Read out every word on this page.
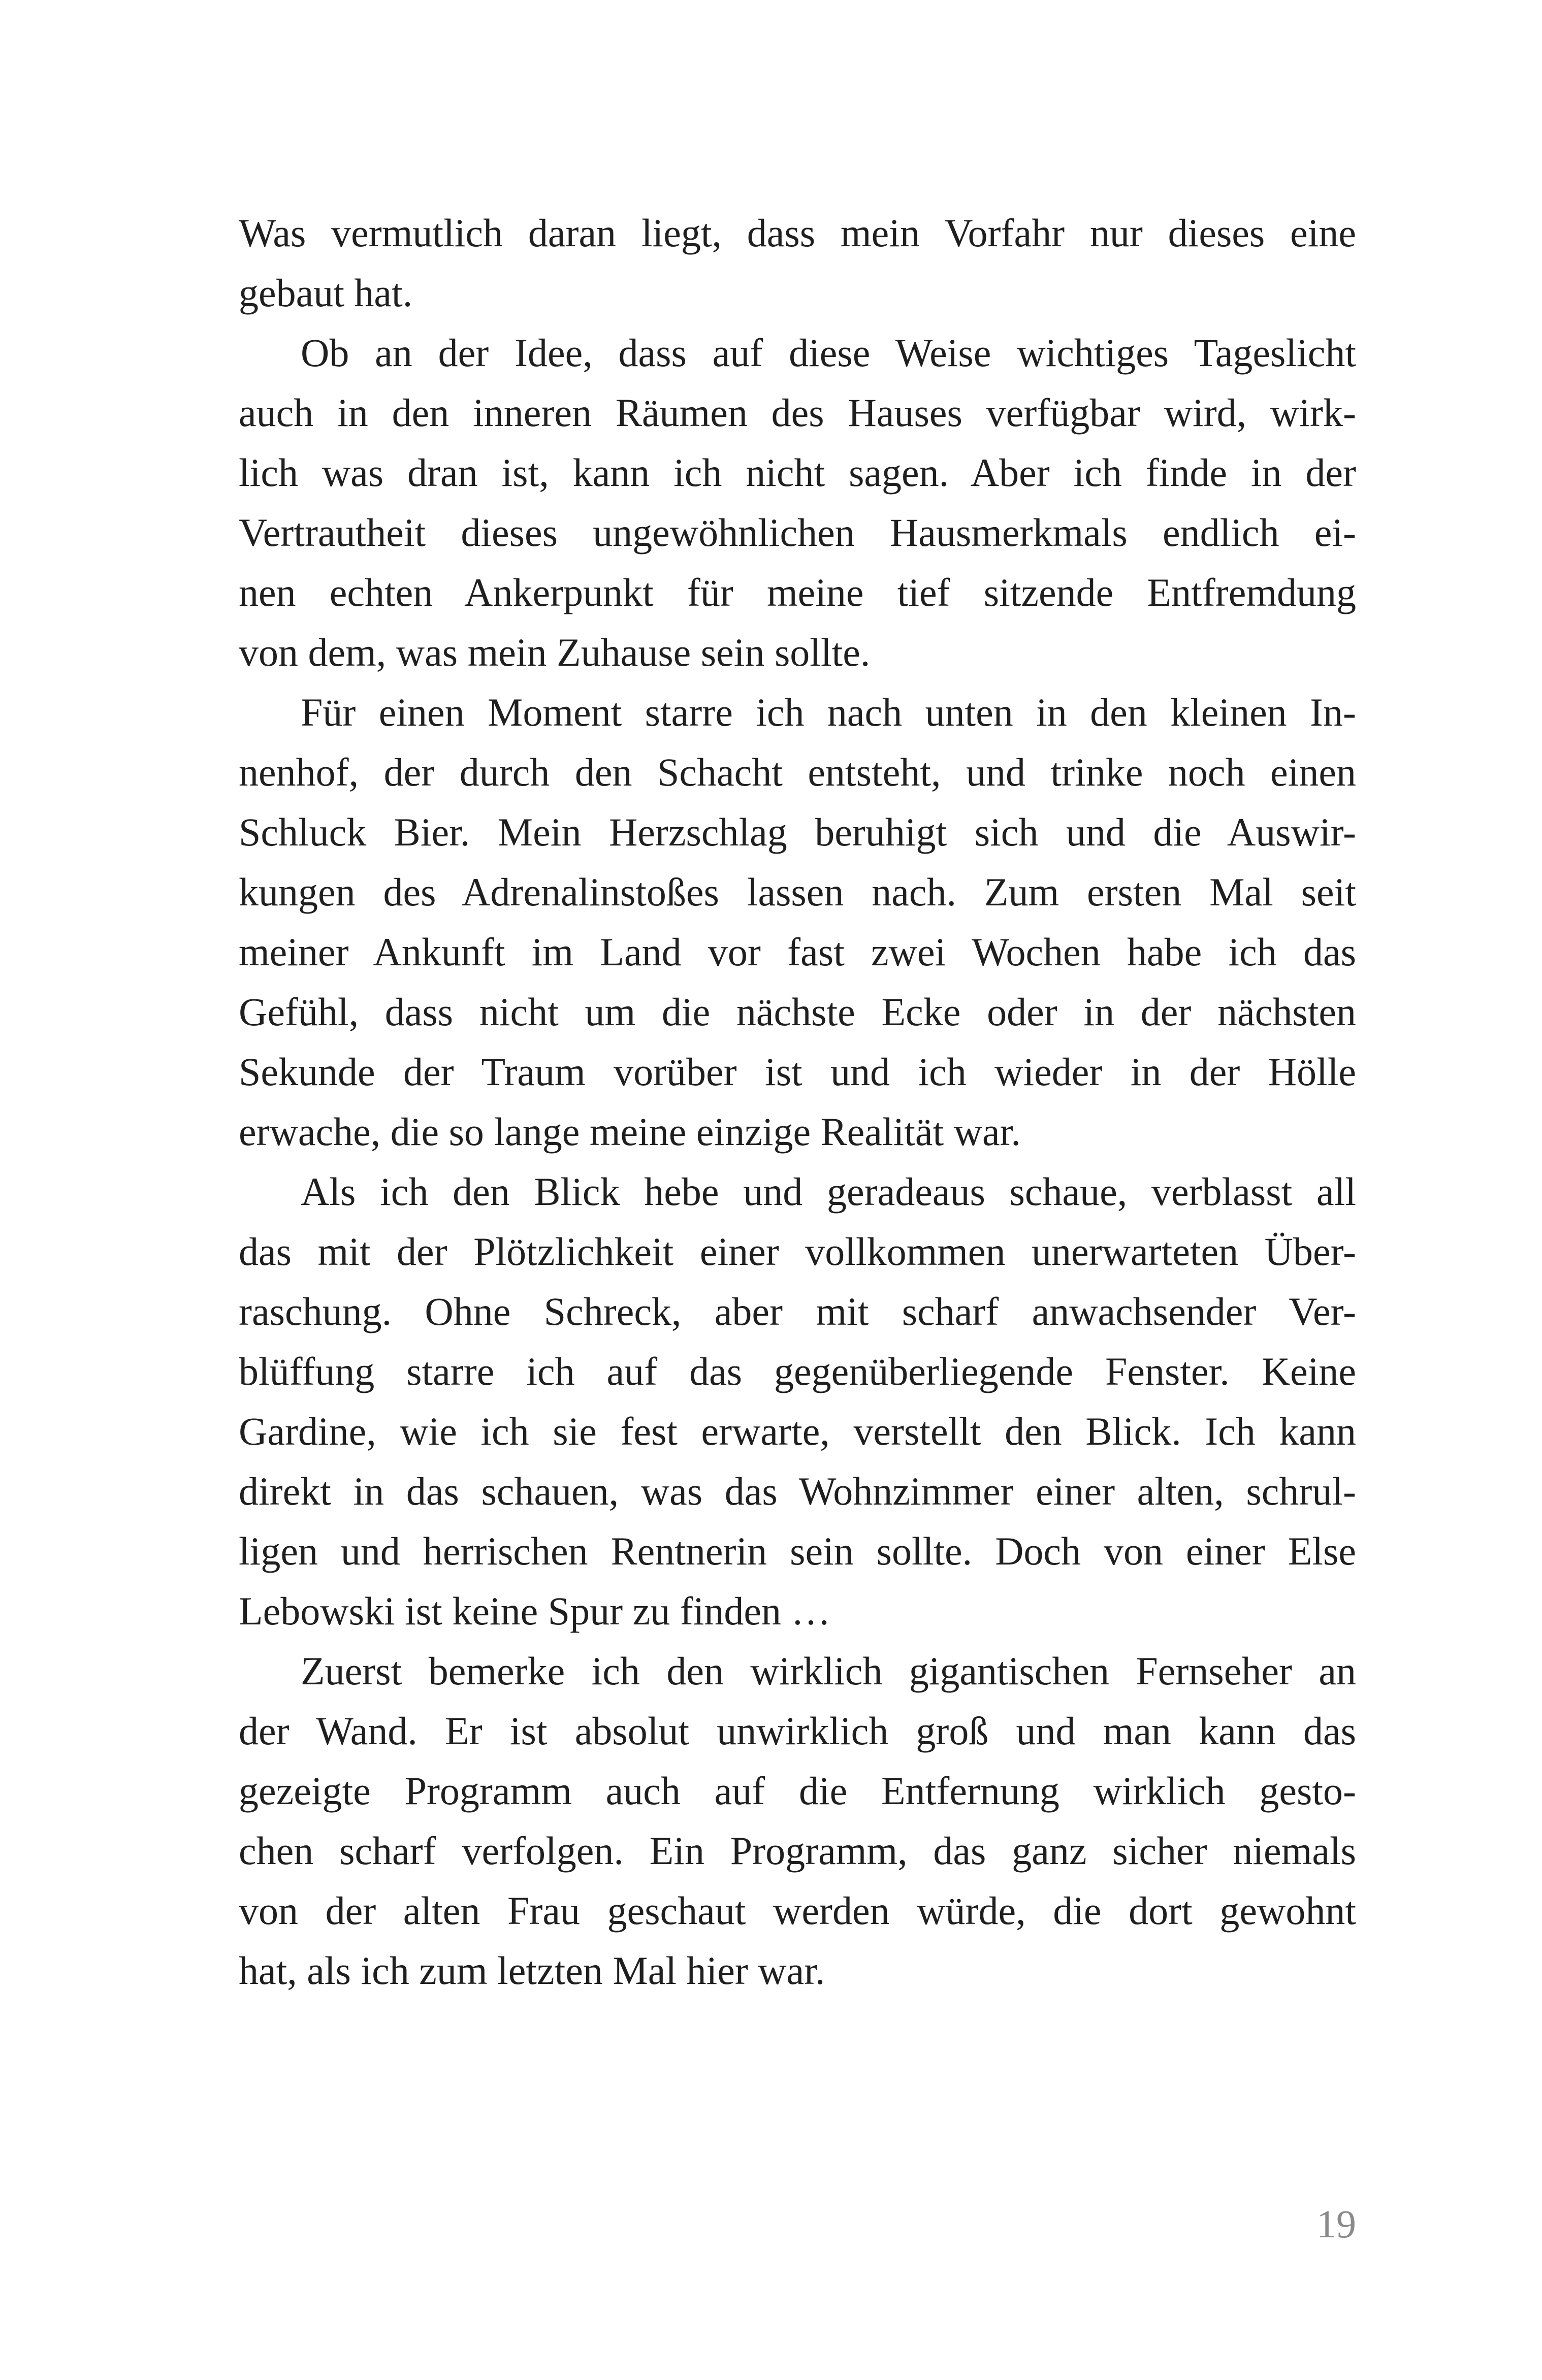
Was vermutlich daran liegt, dass mein Vorfahr nur dieses eine
gebaut hat.
Ob an der Idee, dass auf diese Weise wichtiges Tageslicht
auch in den inneren Räumen des Hauses verfügbar wird, wirk-
lich was dran ist, kann ich nicht sagen. Aber ich finde in der
Vertrautheit dieses ungewöhnlichen Hausmerkmals endlich ei-
nen echten Ankerpunkt für meine tief sitzende Entfremdung
von dem, was mein Zuhause sein sollte.
Für einen Moment starre ich nach unten in den kleinen In-
nenhof, der durch den Schacht entsteht, und trinke noch einen
Schluck Bier. Mein Herzschlag beruhigt sich und die Auswir-
kungen des Adrenalinstoßes lassen nach. Zum ersten Mal seit
meiner Ankunft im Land vor fast zwei Wochen habe ich das
Gefühl, dass nicht um die nächste Ecke oder in der nächsten
Sekunde der Traum vorüber ist und ich wieder in der Hölle
erwache, die so lange meine einzige Realität war.
Als ich den Blick hebe und geradeaus schaue, verblasst all
das mit der Plötzlichkeit einer vollkommen unerwarteten Über-
raschung. Ohne Schreck, aber mit scharf anwachsender Ver-
blüffung starre ich auf das gegenüberliegende Fenster. Keine
Gardine, wie ich sie fest erwarte, verstellt den Blick. Ich kann
direkt in das schauen, was das Wohnzimmer einer alten, schrul-
ligen und herrischen Rentnerin sein sollte. Doch von einer Else
Lebowski ist keine Spur zu finden …
Zuerst bemerke ich den wirklich gigantischen Fernseher an
der Wand. Er ist absolut unwirklich groß und man kann das
gezeigte Programm auch auf die Entfernung wirklich gesto-
chen scharf verfolgen. Ein Programm, das ganz sicher niemals
von der alten Frau geschaut werden würde, die dort gewohnt
hat, als ich zum letzten Mal hier war.
19
